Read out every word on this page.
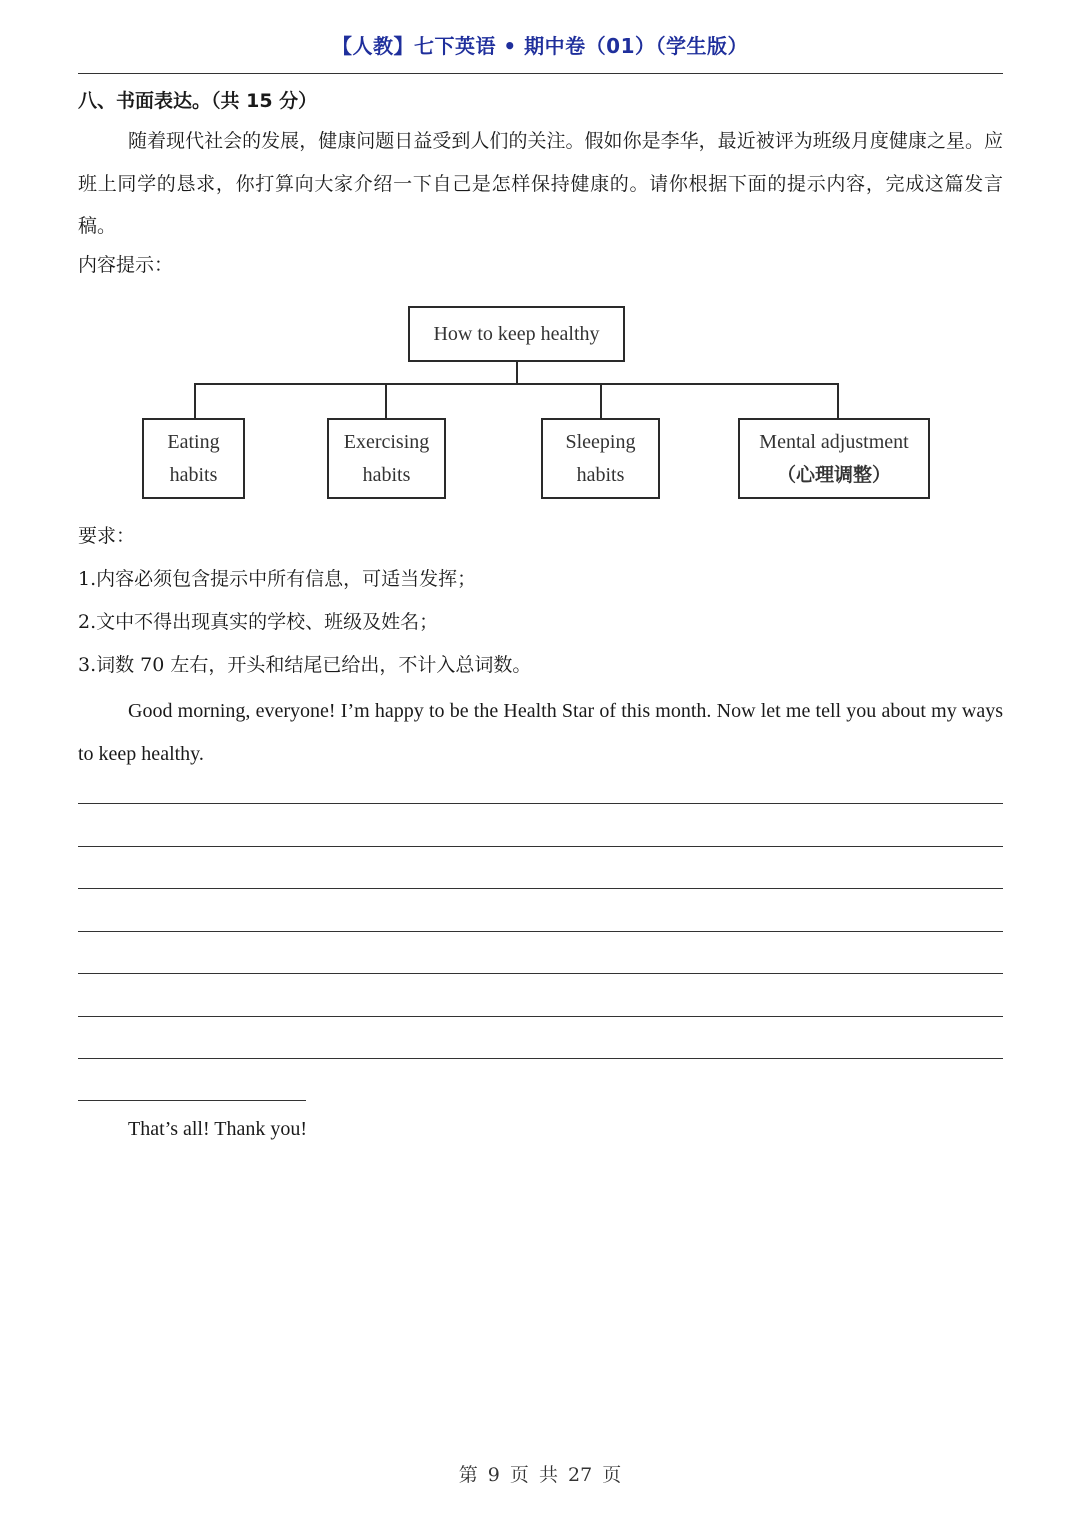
【人教】七下英语 • 期中卷（01）（学生版）
八、书面表达。（共 15 分）

随着现代社会的发展，健康问题日益受到人们的关注。假如你是李华，最近被评为班级月度健康之星。应班上同学的恳求，你打算向大家介绍一下自己是怎样保持健康的。请你根据下面的提示内容，完成这篇发言稿。

内容提示：
How to keep healthy
Eating
habits
Exercising
habits
Sleeping
habits
Mental adjustment
（心理调整）
要求：
1.内容必须包含提示中所有信息，可适当发挥；
2.文中不得出现真实的学校、班级及姓名；
3.词数 70 左右，开头和结尾已给出，不计入总词数。

Good morning, everyone! I’m happy to be the Health Star of this month. Now let me tell you about my ways to keep healthy.

That’s all! Thank you!
第 9 页 共 27 页
